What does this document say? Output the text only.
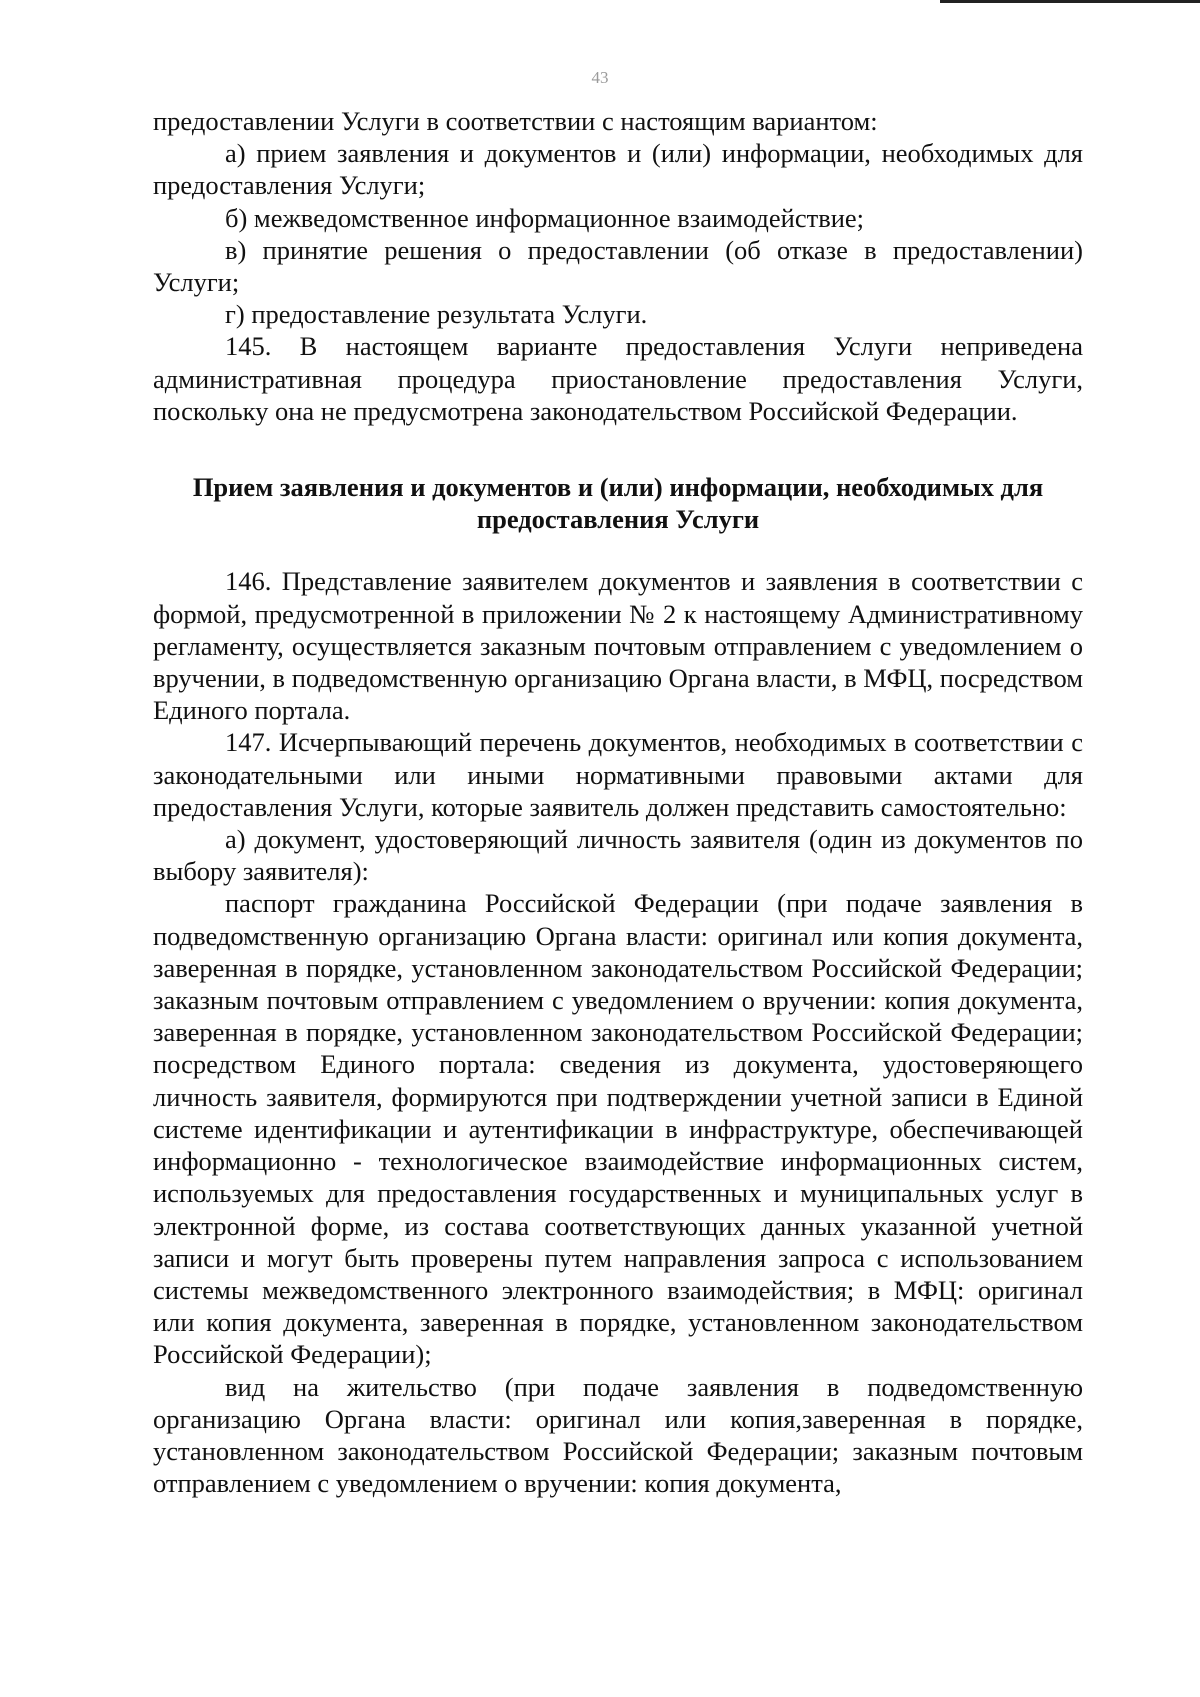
43

предоставлении Услуги в соответствии с настоящим вариантом:

а) прием заявления и документов и (или) информации, необходимых для предоставления Услуги;

б) межведомственное информационное взаимодействие;

в) принятие решения о предоставлении (об отказе в предоставлении) Услуги;

г) предоставление результата Услуги.

145. В настоящем варианте предоставления Услуги неприведена административная процедура приостановление предоставления Услуги, поскольку она не предусмотрена законодательством Российской Федерации.

Прием заявления и документов и (или) информации, необходимых для
предоставления Услуги

146. Представление заявителем документов и заявления в соответствии с формой, предусмотренной в приложении № 2 к настоящему Административному регламенту, осуществляется заказным почтовым отправлением с уведомлением о вручении, в подведомственную организацию Органа власти, в МФЦ, посредством Единого портала.

147. Исчерпывающий перечень документов, необходимых в соответствии с законодательными или иными нормативными правовыми актами для предоставления Услуги, которые заявитель должен представить самостоятельно:

а) документ, удостоверяющий личность заявителя (один из документов по выбору заявителя):

паспорт гражданина Российской Федерации (при подаче заявления в подведомственную организацию Органа власти: оригинал или копия документа, заверенная в порядке, установленном законодательством Российской Федерации; заказным почтовым отправлением с уведомлением о вручении: копия документа, заверенная в порядке, установленном законодательством Российской Федерации; посредством Единого портала: сведения из документа, удостоверяющего личность заявителя, формируются при подтверждении учетной записи в Единой системе идентификации и аутентификации в инфраструктуре, обеспечивающей информационно - технологическое взаимодействие информационных систем, используемых для предоставления государственных и муниципальных услуг в электронной форме, из состава соответствующих данных указанной учетной записи и могут быть проверены путем направления запроса с использованием системы межведомственного электронного взаимодействия; в МФЦ: оригинал или копия документа, заверенная в порядке, установленном законодательством Российской Федерации);

вид на жительство (при подаче заявления в подведомственную организацию Органа власти: оригинал или копия,заверенная в порядке, установленном законодательством Российской Федерации; заказным почтовым отправлением с уведомлением о вручении: копия документа,
